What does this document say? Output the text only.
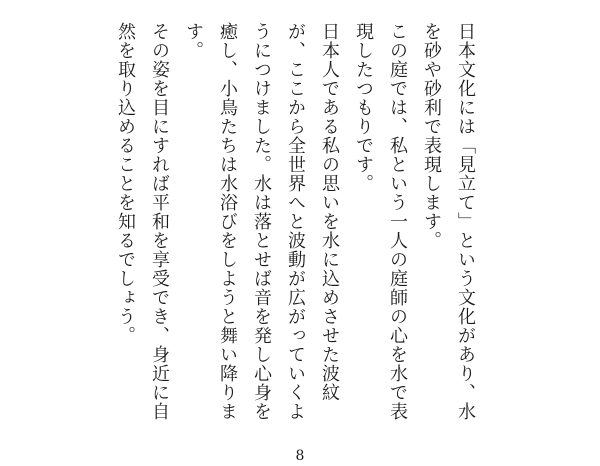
日本文化には「見立て」という文化があり、水を砂や砂利で表現します。

この庭では、私という一人の庭師の心を水で表現したつもりです。

日本人である私の思いを水に込めさせた波紋が、ここから全世界へと波動が広がっていくようにつけました。水は落とせば音を発し心身を癒し、小鳥たちは水浴びをしようと舞い降ります。

その姿を目にすれば平和を享受でき、身近に自然を取り込めることを知るでしょう。

8
